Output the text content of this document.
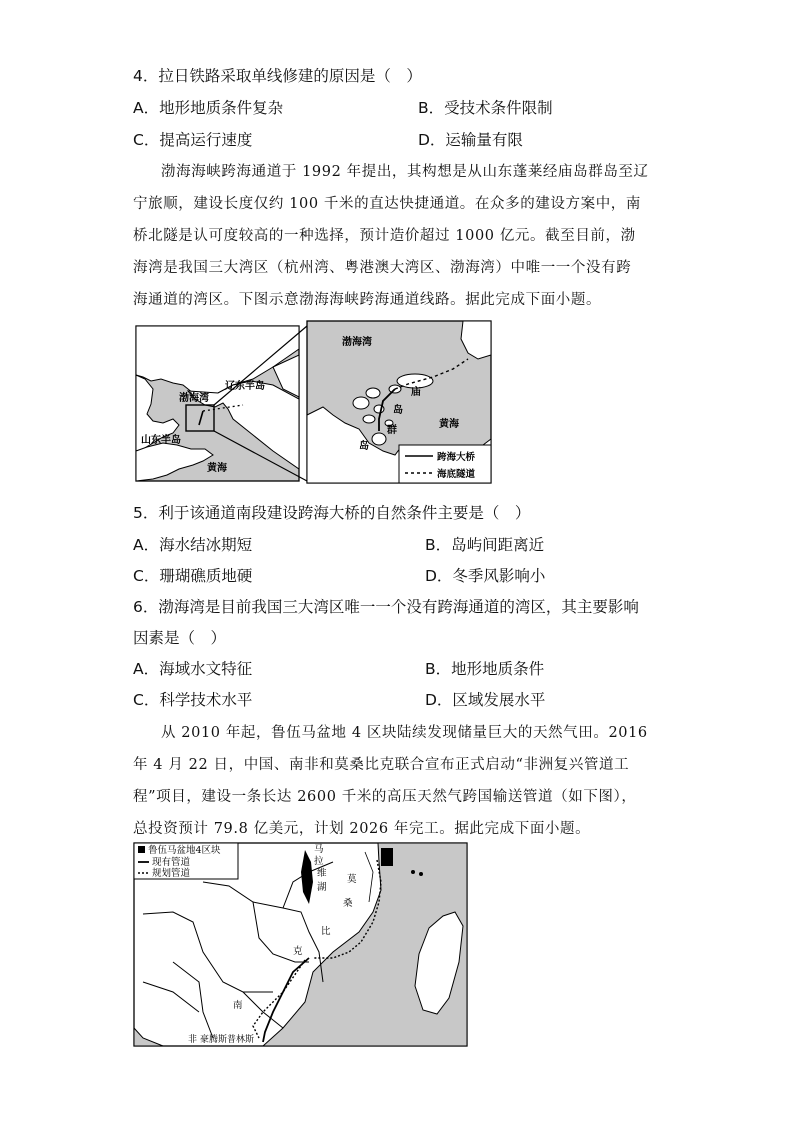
4．拉日铁路采取单线修建的原因是（　）
A．地形地质条件复杂	B．受技术条件限制
C．提高运行速度	D．运输量有限
渤海海峡跨海通道于 1992 年提出，其构想是从山东蓬莱经庙岛群岛至辽
宁旅顺，建设长度仅约 100 千米的直达快捷通道。在众多的建设方案中，南
桥北隧是认可度较高的一种选择，预计造价超过 1000 亿元。截至目前，渤
海湾是我国三大湾区（杭州湾、粤港澳大湾区、渤海湾）中唯一一个没有跨
海通道的湾区。下图示意渤海海峡跨海通道线路。据此完成下面小题。
渤海湾
辽东半岛
山东半岛
黄海
渤海湾
庙
岛
群
岛
黄海
跨海大桥
海底隧道
5．利于该通道南段建设跨海大桥的自然条件主要是（　）
A．海水结冰期短	B．岛屿间距离近
C．珊瑚礁质地硬	D．冬季风影响小
6．渤海湾是目前我国三大湾区唯一一个没有跨海通道的湾区，其主要影响
因素是（　）
A．海域水文特征	B．地形地质条件
C．科学技术水平	D．区域发展水平
从 2010 年起，鲁伍马盆地 4 区块陆续发现储量巨大的天然气田。2016
年 4 月 22 日，中国、南非和莫桑比克联合宣布正式启动“非洲复兴管道工
程”项目，建设一条长达 2600 千米的高压天然气跨国输送管道（如下图），
总投资预计 79.8 亿美元，计划 2026 年完工。据此完成下面小题。
鲁伍马盆地4区块
现有管道
规划管道
马
拉
维
湖
莫
桑
比
克
南
非 豪腾斯普林斯
